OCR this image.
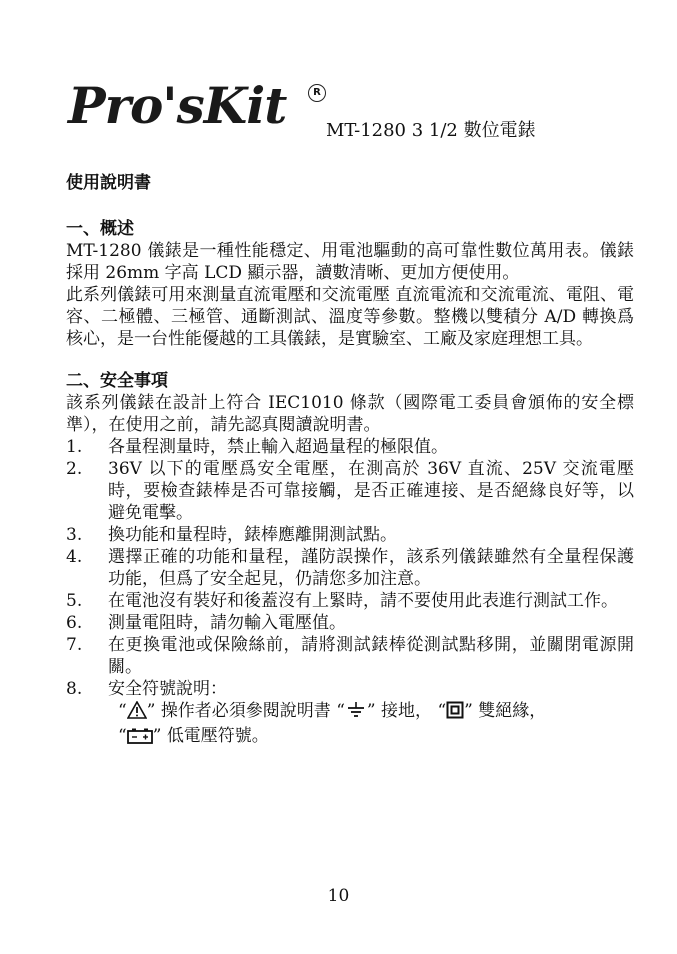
Pro'sKit	R
MT-1280 3 1/2 數位電錶
使用說明書
一、概述

MT-1280 儀錶是一種性能穩定、用電池驅動的高可靠性數位萬用表。儀錶採用 26mm 字高 LCD 顯示器，讀數清晰、更加方便使用。

此系列儀錶可用來測量直流電壓和交流電壓 直流電流和交流電流、電阻、電容、二極體、三極管、通斷測試、溫度等參數。整機以雙積分 A/D 轉換爲核心，是一台性能優越的工具儀錶，是實驗室、工廠及家庭理想工具。

二、安全事項

該系列儀錶在設計上符合 IEC1010 條款（國際電工委員會頒佈的安全標準），在使用之前，請先認真閱讀說明書。

1.	各量程測量時，禁止輸入超過量程的極限值。
2.	36V 以下的電壓爲安全電壓，在測高於 36V 直流、25V 交流電壓時，要檢查錶棒是否可靠接觸，是否正確連接、是否絕緣良好等，以避免電擊。
3.	換功能和量程時，錶棒應離開測試點。
4.	選擇正確的功能和量程，謹防誤操作，該系列儀錶雖然有全量程保護功能，但爲了安全起見，仍請您多加注意。
5.	在電池沒有裝好和後蓋沒有上緊時，請不要使用此表進行測試工作。
6.	測量電阻時，請勿輸入電壓值。
7.	在更換電池或保險絲前，請將測試錶棒從測試點移開，並關閉電源開關。
8.	安全符號說明：
“ ” 操作者必須參閱說明書 “ ” 接地， “ ” 雙絕緣，
“ ” 低電壓符號。
10
